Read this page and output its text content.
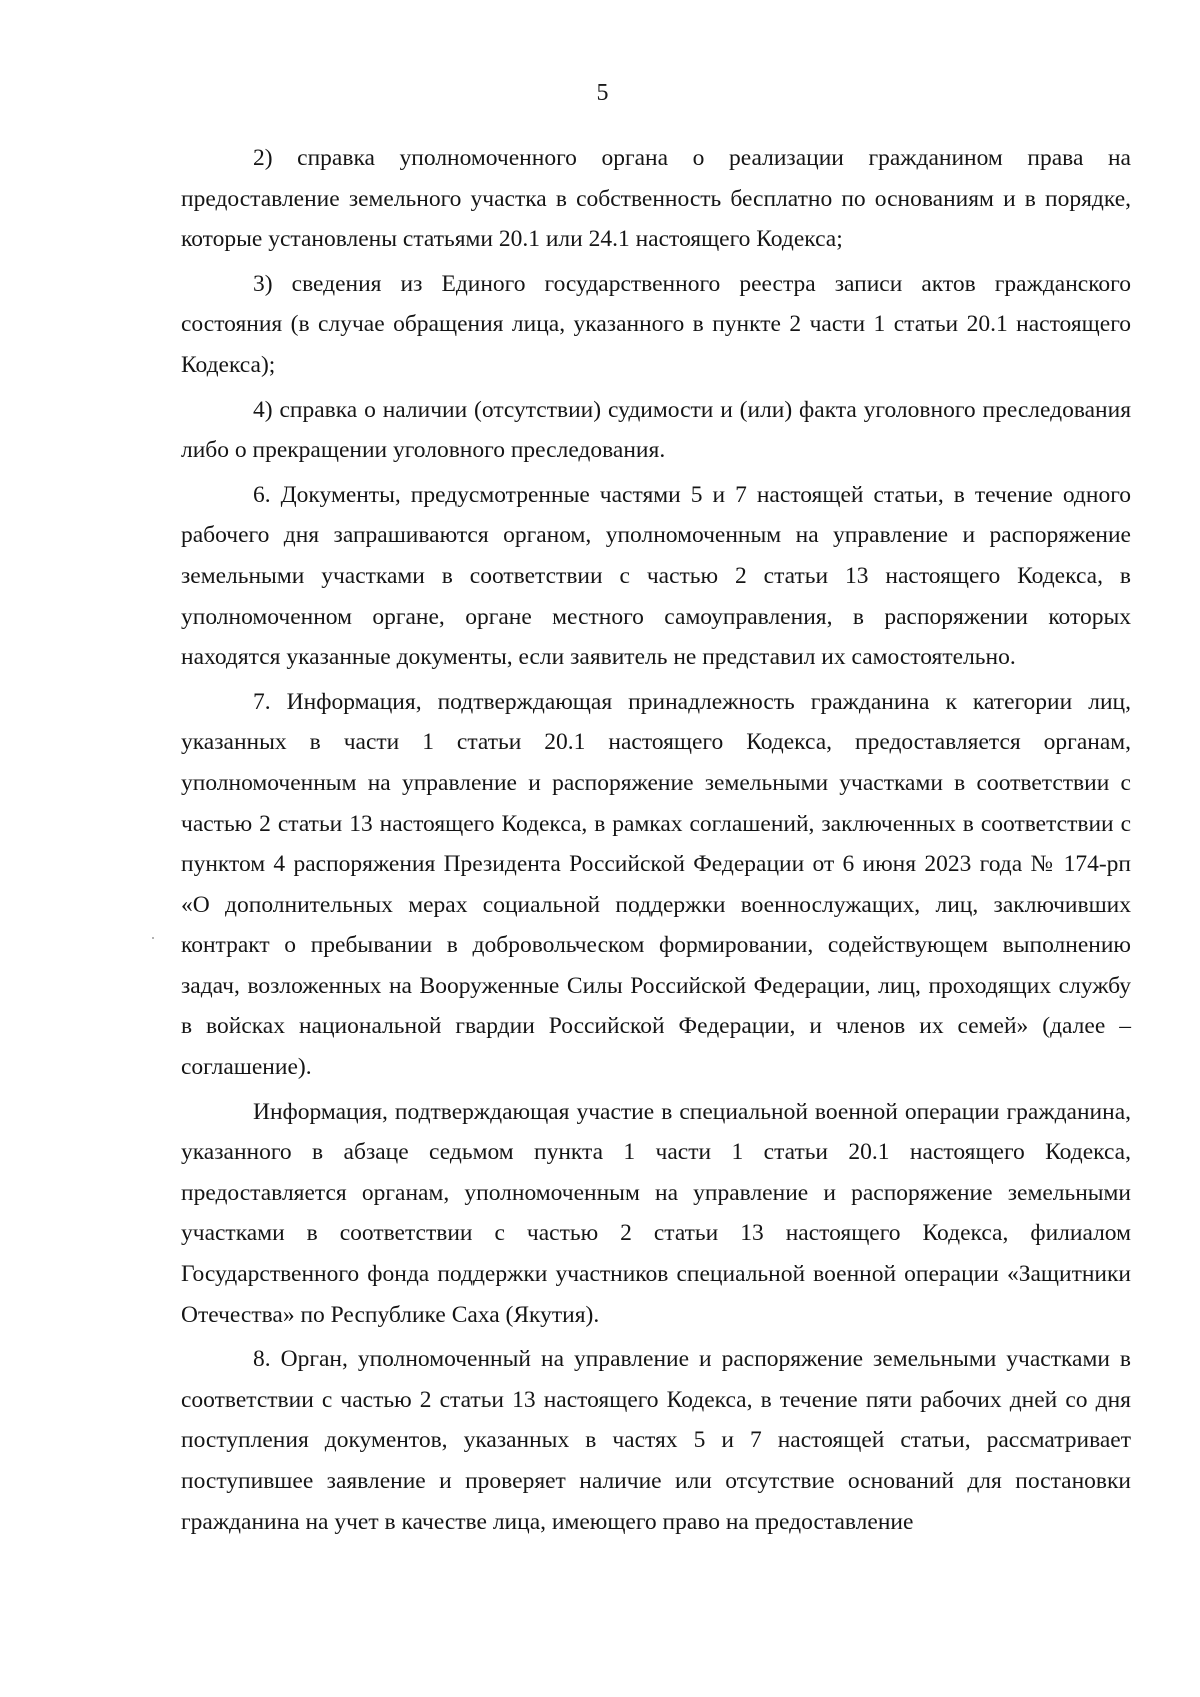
5

2) справка уполномоченного органа о реализации гражданином права на предоставление земельного участка в собственность бесплатно по основаниям и в порядке, которые установлены статьями 20.1 или 24.1 настоящего Кодекса;

3) сведения из Единого государственного реестра записи актов гражданского состояния (в случае обращения лица, указанного в пункте 2 части 1 статьи 20.1 настоящего Кодекса);

4) справка о наличии (отсутствии) судимости и (или) факта уголовного преследования либо о прекращении уголовного преследования.

6. Документы, предусмотренные частями 5 и 7 настоящей статьи, в течение одного рабочего дня запрашиваются органом, уполномоченным на управление и распоряжение земельными участками в соответствии с частью 2 статьи 13 настоящего Кодекса, в уполномоченном органе, органе местного самоуправления, в распоряжении которых находятся указанные документы, если заявитель не представил их самостоятельно.

7. Информация, подтверждающая принадлежность гражданина к категории лиц, указанных в части 1 статьи 20.1 настоящего Кодекса, предоставляется органам, уполномоченным на управление и распоряжение земельными участками в соответствии с частью 2 статьи 13 настоящего Кодекса, в рамках соглашений, заключенных в соответствии с пунктом 4 распоряжения Президента Российской Федерации от 6 июня 2023 года № 174-рп «О дополнительных мерах социальной поддержки военнослужащих, лиц, заключивших контракт о пребывании в добровольческом формировании, содействующем выполнению задач, возложенных на Вооруженные Силы Российской Федерации, лиц, проходящих службу в войсках национальной гвардии Российской Федерации, и членов их семей» (далее – соглашение).

Информация, подтверждающая участие в специальной военной операции гражданина, указанного в абзаце седьмом пункта 1 части 1 статьи 20.1 настоящего Кодекса, предоставляется органам, уполномоченным на управление и распоряжение земельными участками в соответствии с частью 2 статьи 13 настоящего Кодекса, филиалом Государственного фонда поддержки участников специальной военной операции «Защитники Отечества» по Республике Саха (Якутия).

8. Орган, уполномоченный на управление и распоряжение земельными участками в соответствии с частью 2 статьи 13 настоящего Кодекса, в течение пяти рабочих дней со дня поступления документов, указанных в частях 5 и 7 настоящей статьи, рассматривает поступившее заявление и проверяет наличие или отсутствие оснований для постановки гражданина на учет в качестве лица, имеющего право на предоставление
